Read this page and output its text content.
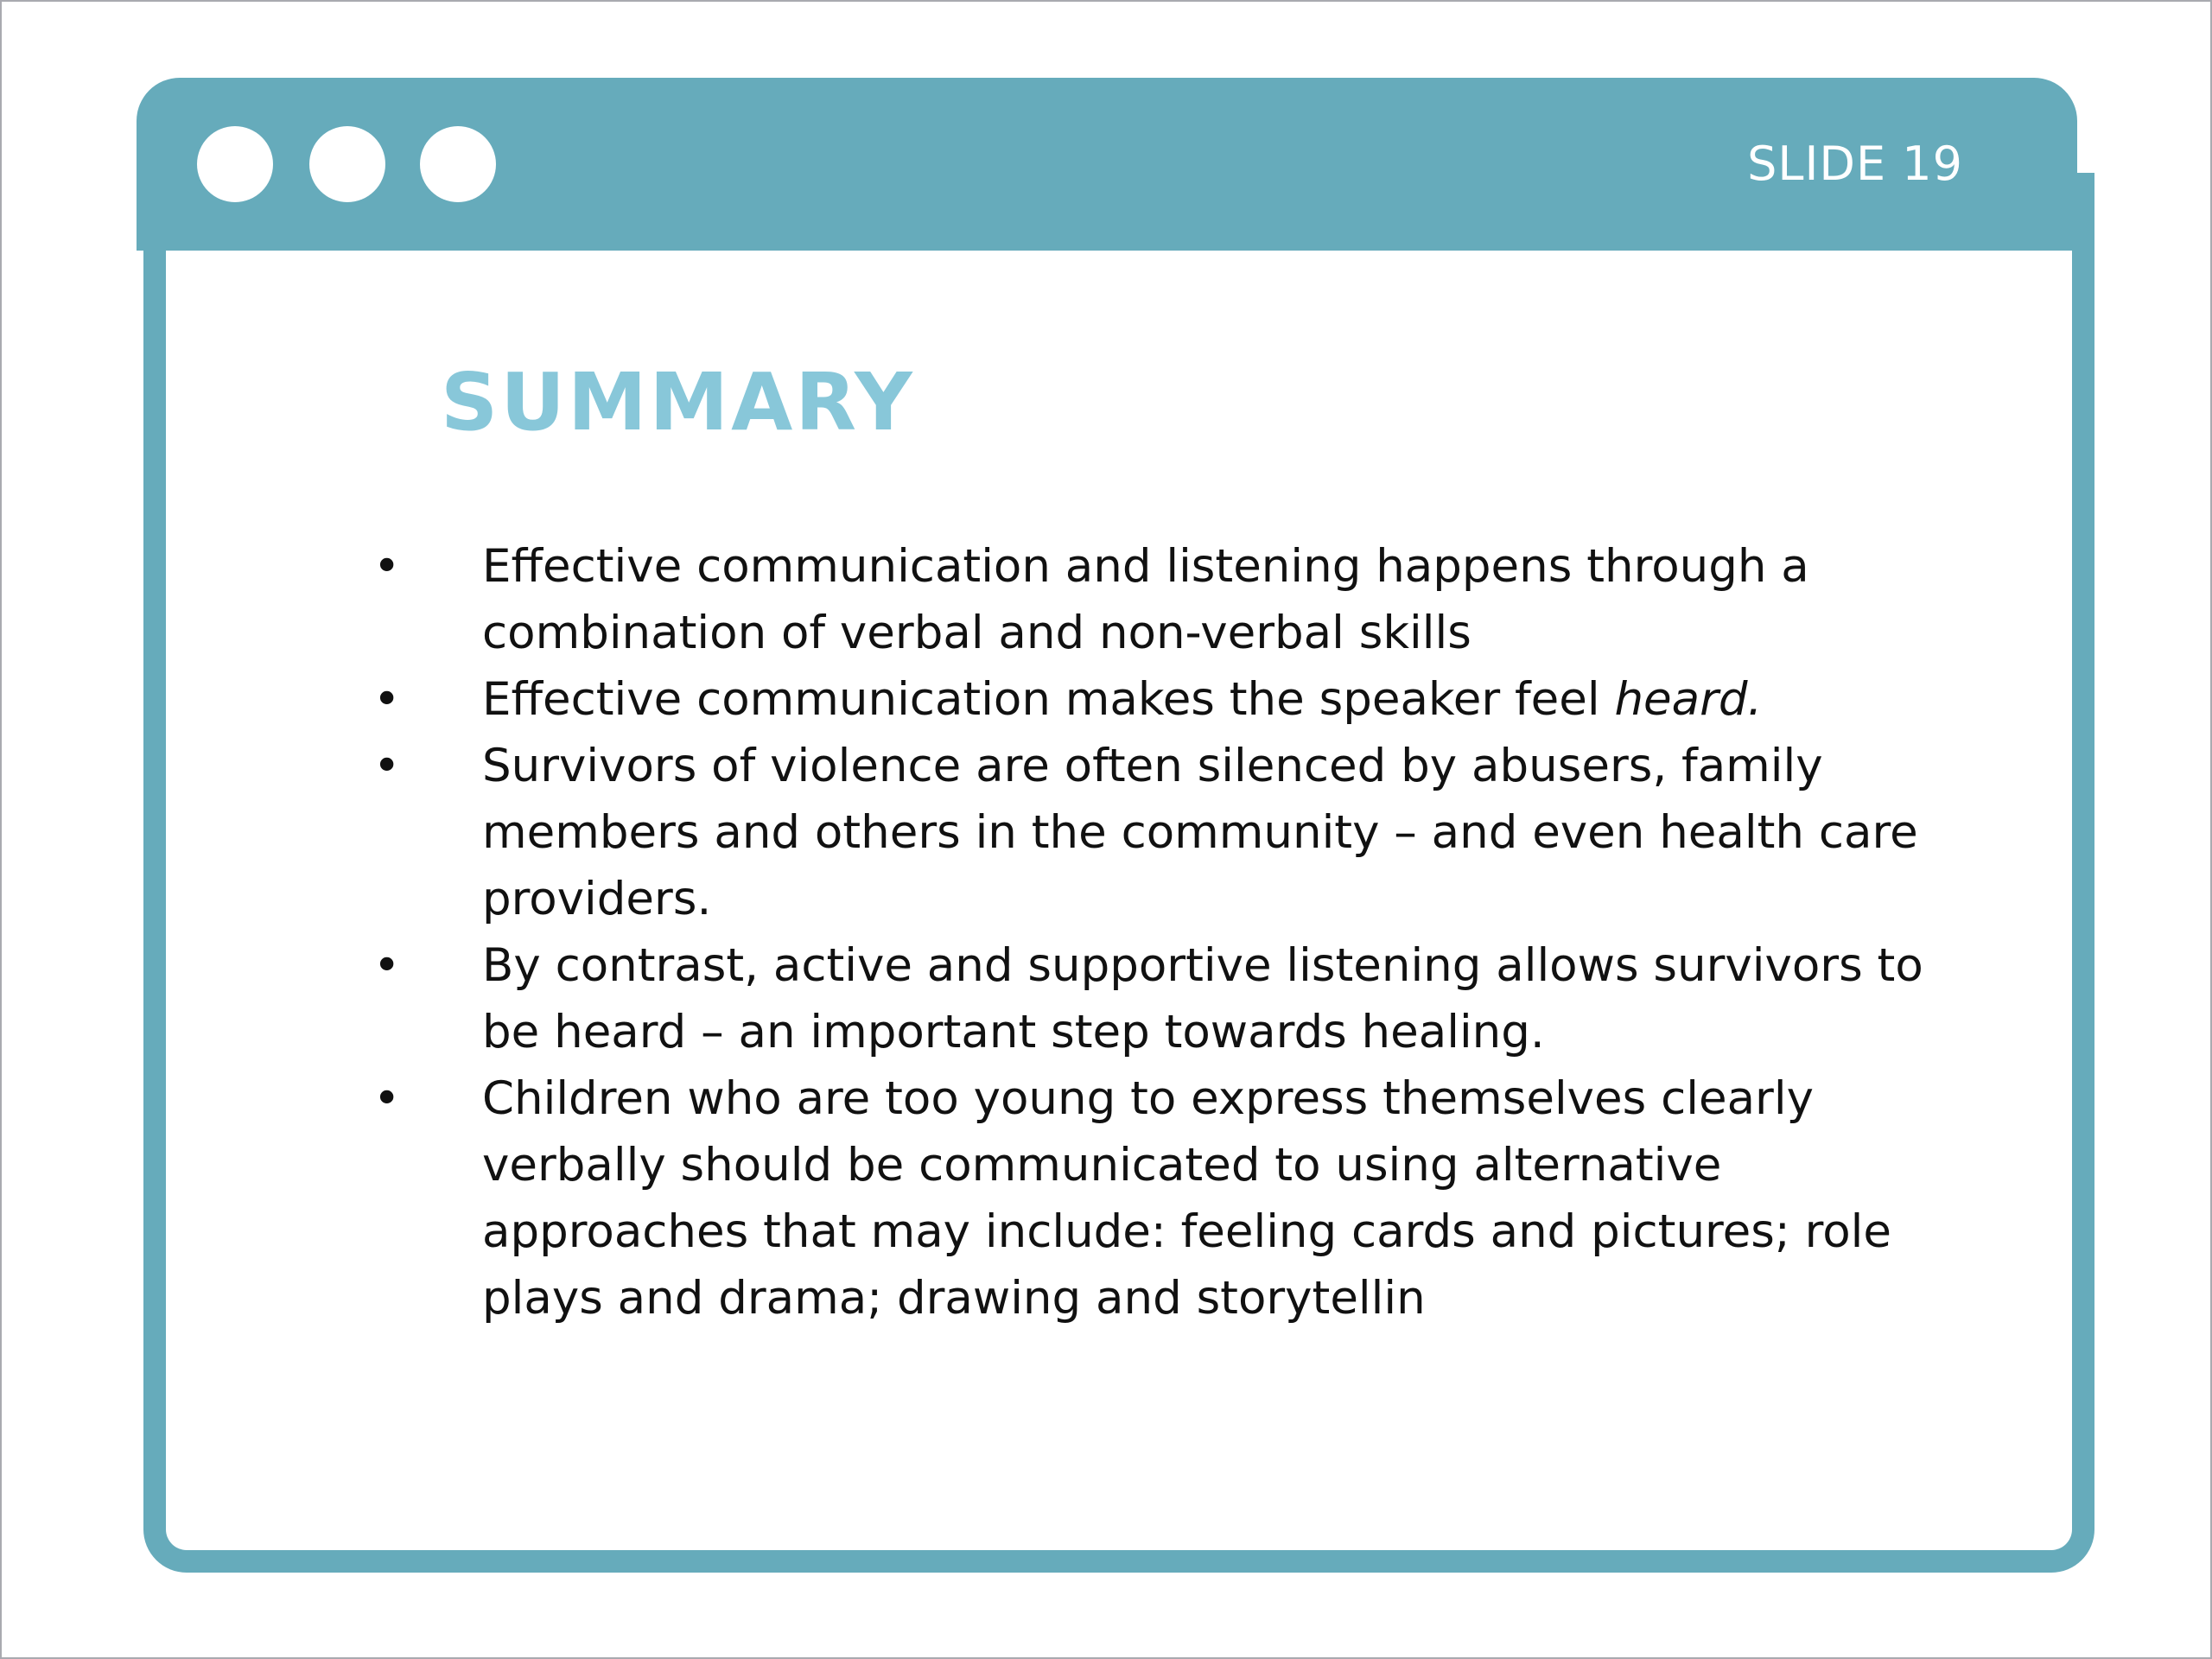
SLIDE 19
SUMMARY
• Effective communication and listening happens through a combination of verbal and non-verbal skills
• Effective communication makes the speaker feel heard.
• Survivors of violence are often silenced by abusers, family members and others in the community – and even health care providers.
• By contrast, active and supportive listening allows survivors to be heard – an important step towards healing.
• Children who are too young to express themselves clearly verbally should be communicated to using alternative approaches that may include: feeling cards and pictures; role plays and drama; drawing and storytellin
